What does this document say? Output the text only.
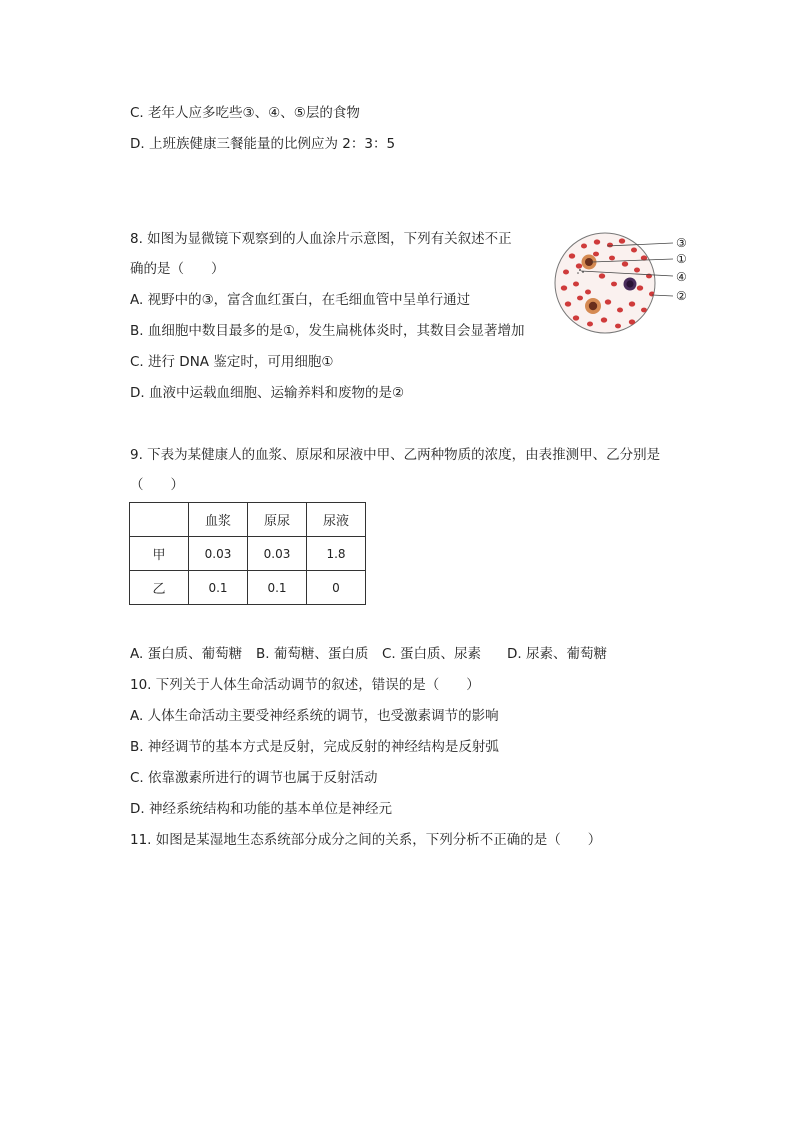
C. 老年人应多吃些③、④、⑤层的食物
D. 上班族健康三餐能量的比例应为 2：3：5
8. 如图为显微镜下观察到的人血涂片示意图，下列有关叙述不正
确的是（　　）
A. 视野中的③，富含血红蛋白，在毛细血管中呈单行通过
B. 血细胞中数目最多的是①，发生扁桃体炎时，其数目会显著增加
C. 进行 DNA 鉴定时，可用细胞①
D. 血液中运载血细胞、运输养料和废物的是②
③
①
④
②
9. 下表为某健康人的血浆、原尿和尿液中甲、乙两种物质的浓度，由表推测甲、乙分别是
（　　）
	血浆	原尿	尿液
甲	0.03	0.03	1.8
乙	0.1	0.1	0
A. 蛋白质、葡萄糖 B. 葡萄糖、蛋白质 C. 蛋白质、尿素 D. 尿素、葡萄糖
10. 下列关于人体生命活动调节的叙述，错误的是（　　）
A. 人体生命活动主要受神经系统的调节，也受激素调节的影响
B. 神经调节的基本方式是反射，完成反射的神经结构是反射弧
C. 依靠激素所进行的调节也属于反射活动
D. 神经系统结构和功能的基本单位是神经元
11. 如图是某湿地生态系统部分成分之间的关系，下列分析不正确的是（　　）
